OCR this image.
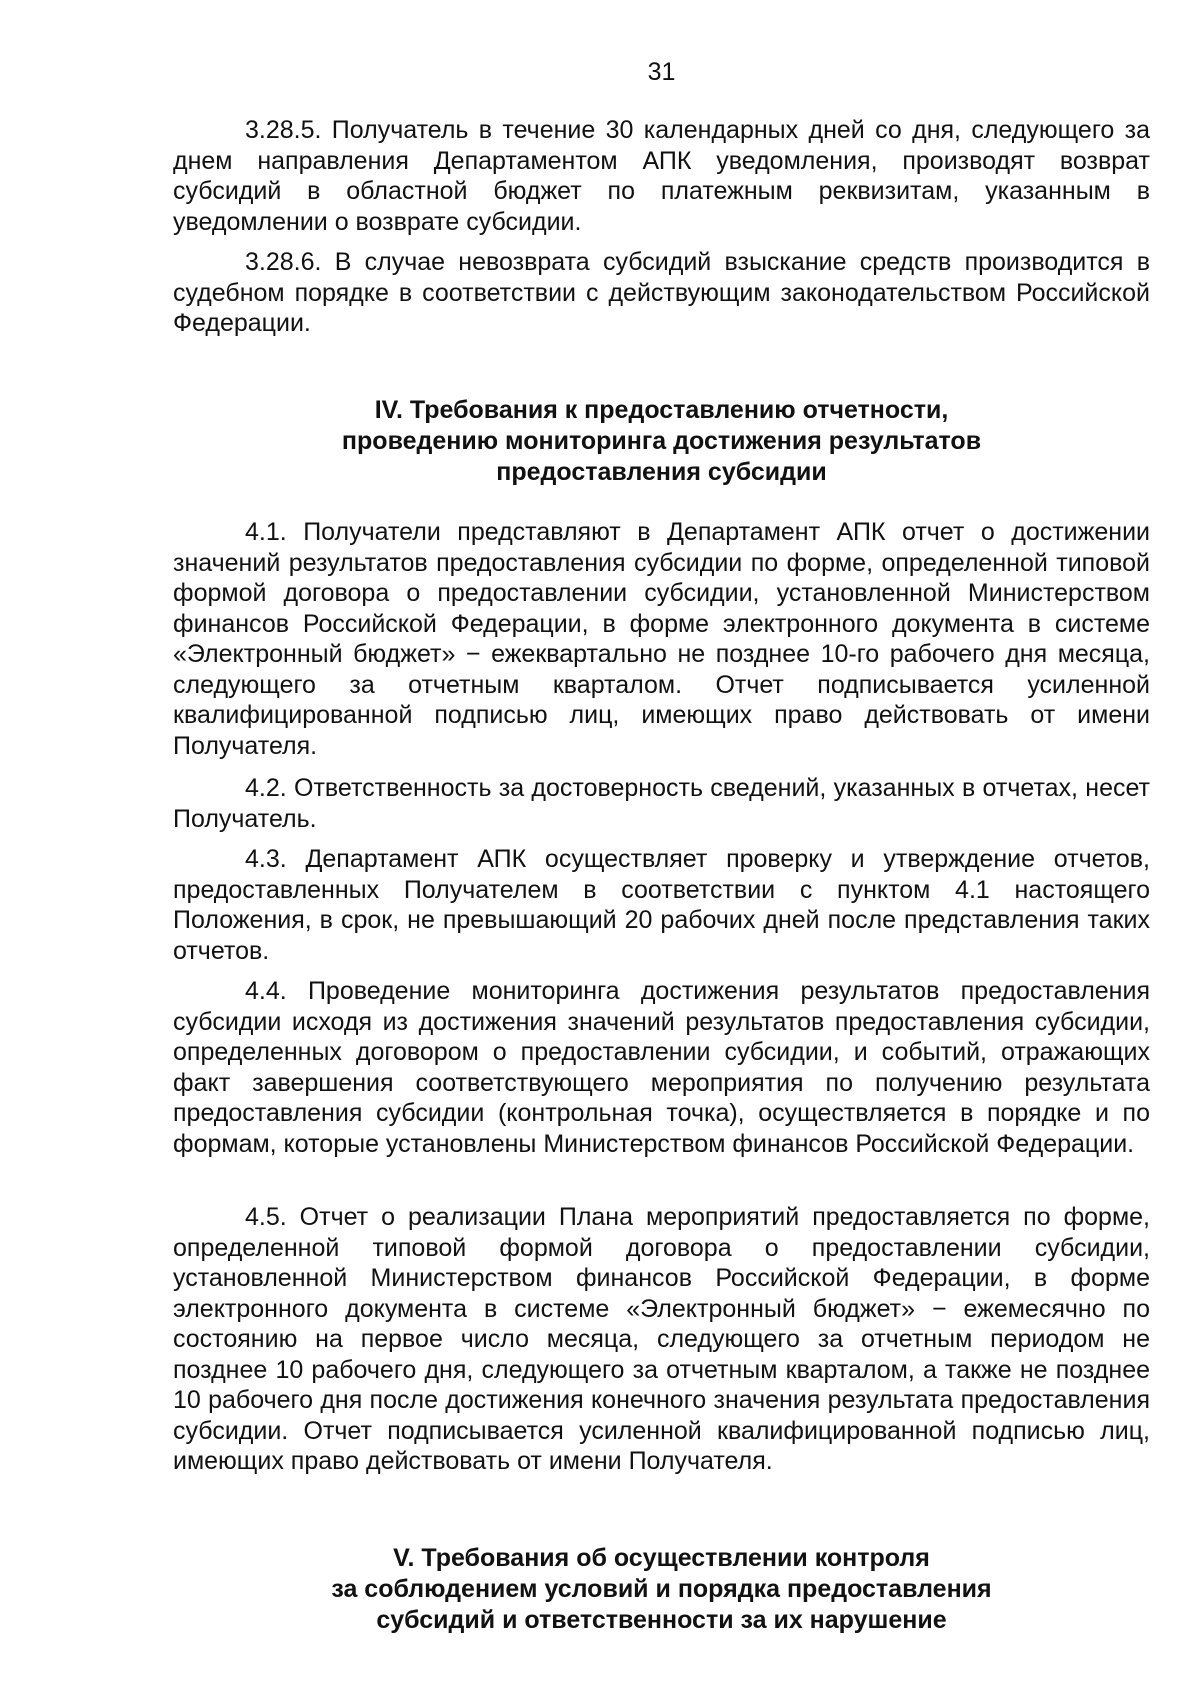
31

3.28.5. Получатель в течение 30 календарных дней со дня, следующего за днем направления Департаментом АПК уведомления, производят возврат субсидий в областной бюджет по платежным реквизитам, указанным в уведомлении о возврате субсидии.

3.28.6. В случае невозврата субсидий взыскание средств производится в судебном порядке в соответствии с действующим законодательством Российской Федерации.

IV. Требования к предоставлению отчетности,
проведению мониторинга достижения результатов
предоставления субсидии

4.1. Получатели представляют в Департамент АПК отчет о достижении значений результатов предоставления субсидии по форме, определенной типовой формой договора о предоставлении субсидии, установленной Министерством финансов Российской Федерации, в форме электронного документа в системе «Электронный бюджет» − ежеквартально не позднее 10-го рабочего дня месяца, следующего за отчетным кварталом. Отчет подписывается усиленной квалифицированной подписью лиц, имеющих право действовать от имени Получателя.

4.2. Ответственность за достоверность сведений, указанных в отчетах, несет Получатель.

4.3. Департамент АПК осуществляет проверку и утверждение отчетов, предоставленных Получателем в соответствии с пунктом 4.1 настоящего Положения, в срок, не превышающий 20 рабочих дней после представления таких отчетов.

4.4. Проведение мониторинга достижения результатов предоставления субсидии исходя из достижения значений результатов предоставления субсидии, определенных договором о предоставлении субсидии, и событий, отражающих факт завершения соответствующего мероприятия по получению результата предоставления субсидии (контрольная точка), осуществляется в порядке и по формам, которые установлены Министерством финансов Российской Федерации.

4.5. Отчет о реализации Плана мероприятий предоставляется по форме, определенной типовой формой договора о предоставлении субсидии, установленной Министерством финансов Российской Федерации, в форме электронного документа в системе «Электронный бюджет» − ежемесячно по состоянию на первое число месяца, следующего за отчетным периодом не позднее 10 рабочего дня, следующего за отчетным кварталом, а также не позднее 10 рабочего дня после достижения конечного значения результата предоставления субсидии. Отчет подписывается усиленной квалифицированной подписью лиц, имеющих право действовать от имени Получателя.

V. Требования об осуществлении контроля
за соблюдением условий и порядка предоставления
субсидий и ответственности за их нарушение
